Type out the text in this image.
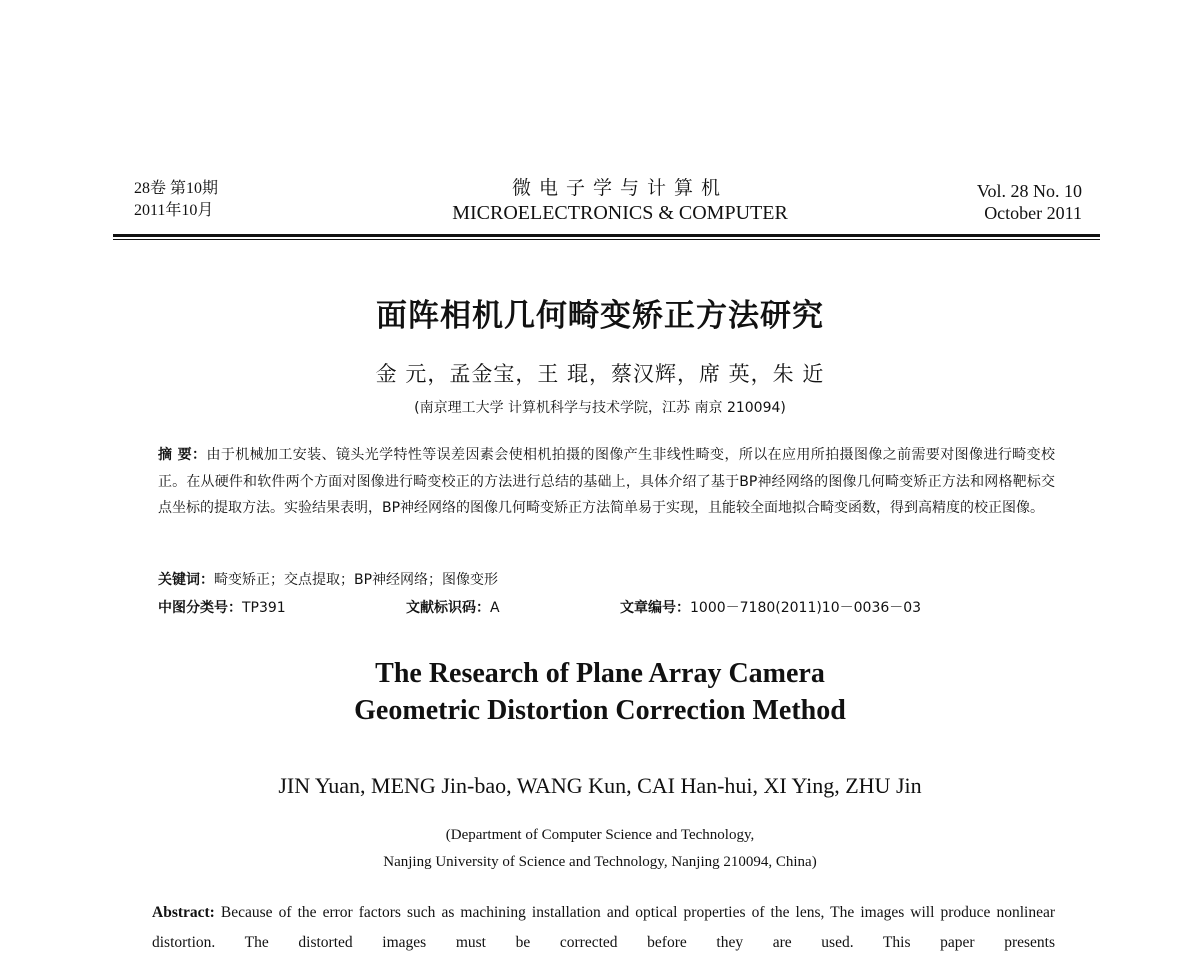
28卷 第10期
2011年10月
微电子学与计算机
MICROELECTRONICS & COMPUTER
Vol. 28 No. 10
October 2011
面阵相机几何畸变矫正方法研究
金 元，孟金宝，王 琨，蔡汉辉，席 英，朱 近
(南京理工大学 计算机科学与技术学院，江苏 南京 210094)
摘 要：由于机械加工安装、镜头光学特性等误差因素会使相机拍摄的图像产生非线性畸变，所以在应用所拍摄图像之前需要对图像进行畸变校正。在从硬件和软件两个方面对图像进行畸变校正的方法进行总结的基础上，具体介绍了基于BP神经网络的图像几何畸变矫正方法和网格靶标交点坐标的提取方法。实验结果表明，BP神经网络的图像几何畸变矫正方法简单易于实现，且能较全面地拟合畸变函数，得到高精度的校正图像。
关键词：畸变矫正；交点提取；BP神经网络；图像变形
中图分类号：TP391	文献标识码：A	文章编号：1000－7180(2011)10－0036－03
The Research of Plane Array Camera
Geometric Distortion Correction Method
JIN Yuan, MENG Jin-bao, WANG Kun, CAI Han-hui, XI Ying, ZHU Jin
(Department of Computer Science and Technology,
Nanjing University of Science and Technology, Nanjing 210094, China)
Abstract: Because of the error factors such as machining installation and optical properties of the lens, The images will produce nonlinear distortion. The distorted images must be corrected before they are used. This paper presents
